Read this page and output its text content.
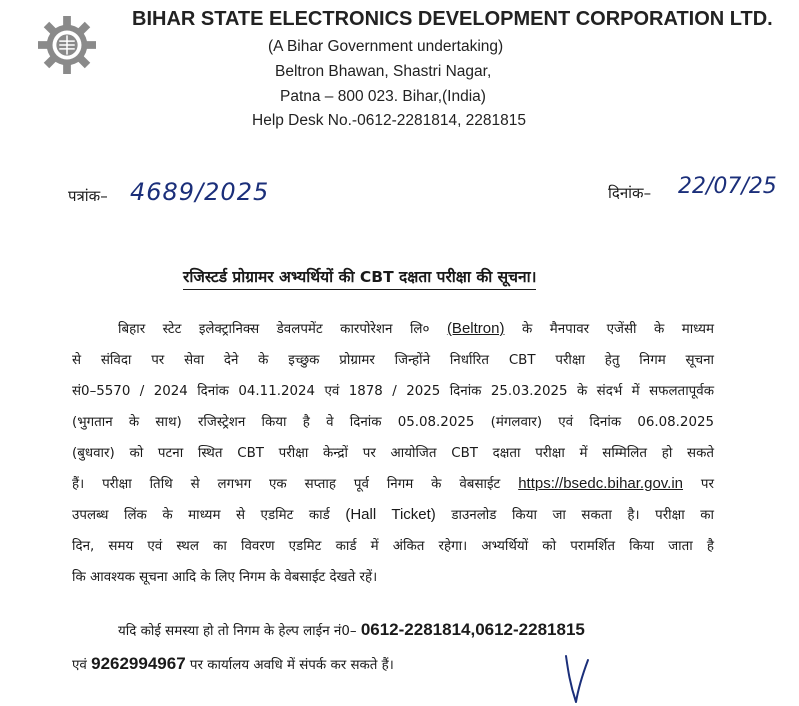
BIHAR STATE ELECTRONICS DEVELOPMENT CORPORATION LTD.
(A Bihar Government undertaking)
Beltron Bhawan, Shastri Nagar,
Patna – 800 023. Bihar,(India)
Help Desk No.-0612-2281814, 2281815
पत्रांक– 4689/2025	दिनांक– 22/07/25
रजिस्टर्ड प्रोग्रामर अभ्यर्थियों की CBT दक्षता परीक्षा की सूचना।
बिहार स्टेट इलेक्ट्रानिक्स डेवलपमेंट कारपोरेशन लि० (Beltron) के मैनपावर एजेंसी के माध्यम
से संविदा पर सेवा देने के इच्छुक प्रोग्रामर जिन्होंने निर्धारित CBT परीक्षा हेतु निगम सूचना
सं0–5570 / 2024 दिनांक 04.11.2024 एवं 1878 / 2025 दिनांक 25.03.2025 के संदर्भ में सफलतापूर्वक
(भुगतान के साथ) रजिस्ट्रेशन किया है वे दिनांक 05.08.2025 (मंगलवार) एवं दिनांक 06.08.2025
(बुधवार) को पटना स्थित CBT परीक्षा केन्द्रों पर आयोजित CBT दक्षता परीक्षा में सम्मिलित हो सकते
हैं। परीक्षा तिथि से लगभग एक सप्ताह पूर्व निगम के वेबसाईट https://bsedc.bihar.gov.in पर
उपलब्ध लिंक के माध्यम से एडमिट कार्ड (Hall Ticket) डाउनलोड किया जा सकता है। परीक्षा का
दिन, समय एवं स्थल का विवरण एडमिट कार्ड में अंकित रहेगा। अभ्यर्थियों को परामर्शित किया जाता है
कि आवश्यक सूचना आदि के लिए निगम के वेबसाईट देखते रहें।
यदि कोई समस्या हो तो निगम के हेल्प लाईन नं0– 0612-2281814,0612-2281815
एवं 9262994967 पर कार्यालय अवधि में संपर्क कर सकते हैं।
